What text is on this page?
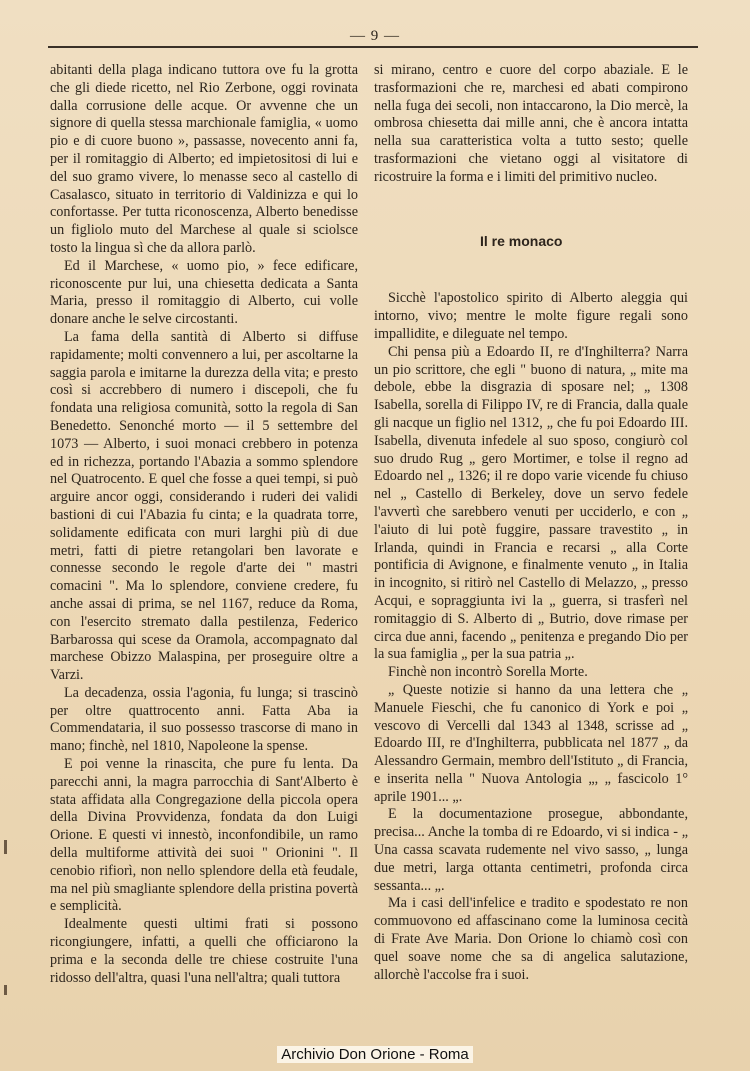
— 9 —

abitanti della plaga indicano tuttora ove fu la grotta che gli diede ricetto, nel Rio Zerbone, oggi rovinata dalla corrusione delle acque. Or avvenne che un signore di quella stessa marchionale famiglia, « uomo pio e di cuore buono », passasse, novecento anni fa, per il romitaggio di Alberto; ed impietositosi di lui e del suo gramo vivere, lo menasse seco al castello di Casalasco, situato in territorio di Valdinizza e qui lo confortasse. Per tutta riconoscenza, Alberto benedisse un figliolo muto del Marchese al quale si sciolsce tosto la lingua sì che da allora parlò.

Ed il Marchese, « uomo pio, » fece edificare, riconoscente pur lui, una chiesetta dedicata a Santa Maria, presso il romitaggio di Alberto, cui volle donare anche le selve circostanti.

La fama della santità di Alberto si diffuse rapidamente; molti convennero a lui, per ascoltarne la saggia parola e imitarne la durezza della vita; e presto così si accrebbero di numero i discepoli, che fu fondata una religiosa comunità, sotto la regola di San Benedetto. Senonché morto — il 5 settembre del 1073 — Alberto, i suoi monaci crebbero in potenza ed in richezza, portando l'Abazia a sommo splendore nel Quatrocento. E quel che fosse a quei tempi, si può arguire ancor oggi, considerando i ruderi dei validi bastioni di cui l'Abazia fu cinta; e la quadrata torre, solidamente edificata con muri larghi più di due metri, fatti di pietre retangolari ben lavorate e connesse secondo le regole d'arte dei " mastri comacini ". Ma lo splendore, conviene credere, fu anche assai di prima, se nel 1167, reduce da Roma, con l'esercito stremato dalla pestilenza, Federico Barbarossa qui scese da Oramola, accompagnato dal marchese Obizzo Malaspina, per proseguire oltre a Varzi.

La decadenza, ossia l'agonia, fu lunga; si trascinò per oltre quattrocento anni. Fatta Aba ia Commendataria, il suo possesso trascorse di mano in mano; finchè, nel 1810, Napoleone la spense.

E poi venne la rinascita, che pure fu lenta. Da parecchi anni, la magra parrocchia di Sant'Alberto è stata affidata alla Congregazione della piccola opera della Divina Provvidenza, fondata da don Luigi Orione. E questi vi innestò, inconfondibile, un ramo della multiforme attività dei suoi " Orionini ". Il cenobio rifiorì, non nello splendore della età feudale, ma nel più smagliante splendore della pristina povertà e semplicità.

Idealmente questi ultimi frati si possono ricongiungere, infatti, a quelli che officiarono la prima e la seconda delle tre chiese costruite l'una ridosso dell'altra, quasi l'una nell'altra; quali tuttora

si mirano, centro e cuore del corpo abaziale. E le trasformazioni che re, marchesi ed abati compirono nella fuga dei secoli, non intaccarono, la Dio mercè, la ombrosa chiesetta dai mille anni, che è ancora intatta nella sua caratteristica volta a tutto sesto; quelle trasformazioni che vietano oggi al visitatore di ricostruire la forma e i limiti del primitivo nucleo.

Il re monaco

Sicchè l'apostolico spirito di Alberto aleggia qui intorno, vivo; mentre le molte figure regali sono impallidite, e dileguate nel tempo.

Chi pensa più a Edoardo II, re d'Inghilterra? Narra un pio scrittore, che egli " buono di natura, „ mite ma debole, ebbe la disgrazia di sposare nel; „ 1308 Isabella, sorella di Filippo IV, re di Francia, dalla quale gli nacque un figlio nel 1312, „ che fu poi Edoardo III. Isabella, divenuta infedele al suo sposo, congiurò col suo drudo Rug „ gero Mortimer, e tolse il regno ad Edoardo nel „ 1326; il re dopo varie vicende fu chiuso nel „ Castello di Berkeley, dove un servo fedele l'avvertì che sarebbero venuti per ucciderlo, e con „ l'aiuto di lui potè fuggire, passare travestito „ in Irlanda, quindi in Francia e recarsi „ alla Corte pontificia di Avignone, e finalmente venuto „ in Italia in incognito, si ritirò nel Castello di Melazzo, „ presso Acqui, e sopraggiunta ivi la „ guerra, si trasferì nel romitaggio di S. Alberto di „ Butrio, dove rimase per circa due anni, facendo „ penitenza e pregando Dio per la sua famiglia „ per la sua patria „.

Finchè non incontrò Sorella Morte.

„ Queste notizie si hanno da una lettera che „ Manuele Fieschi, che fu canonico di York e poi „ vescovo di Vercelli dal 1343 al 1348, scrisse ad „ Edoardo III, re d'Inghilterra, pubblicata nel 1877 „ da Alessandro Germain, membro dell'Istituto „ di Francia, e inserita nella " Nuova Antologia „, „ fascicolo 1° aprile 1901... „.

E la documentazione prosegue, abbondante, precisa... Anche la tomba di re Edoardo, vi si indica - „ Una cassa scavata rudemente nel vivo sasso, „ lunga due metri, larga ottanta centimetri, profonda circa sessanta... „.

Ma i casi dell'infelice e tradito e spodestato re non commuovono ed affascinano come la luminosa cecità di Frate Ave Maria. Don Orione lo chiamò così con quel soave nome che sa di angelica salutazione, allorchè l'accolse fra i suoi.

Archivio Don Orione - Roma
